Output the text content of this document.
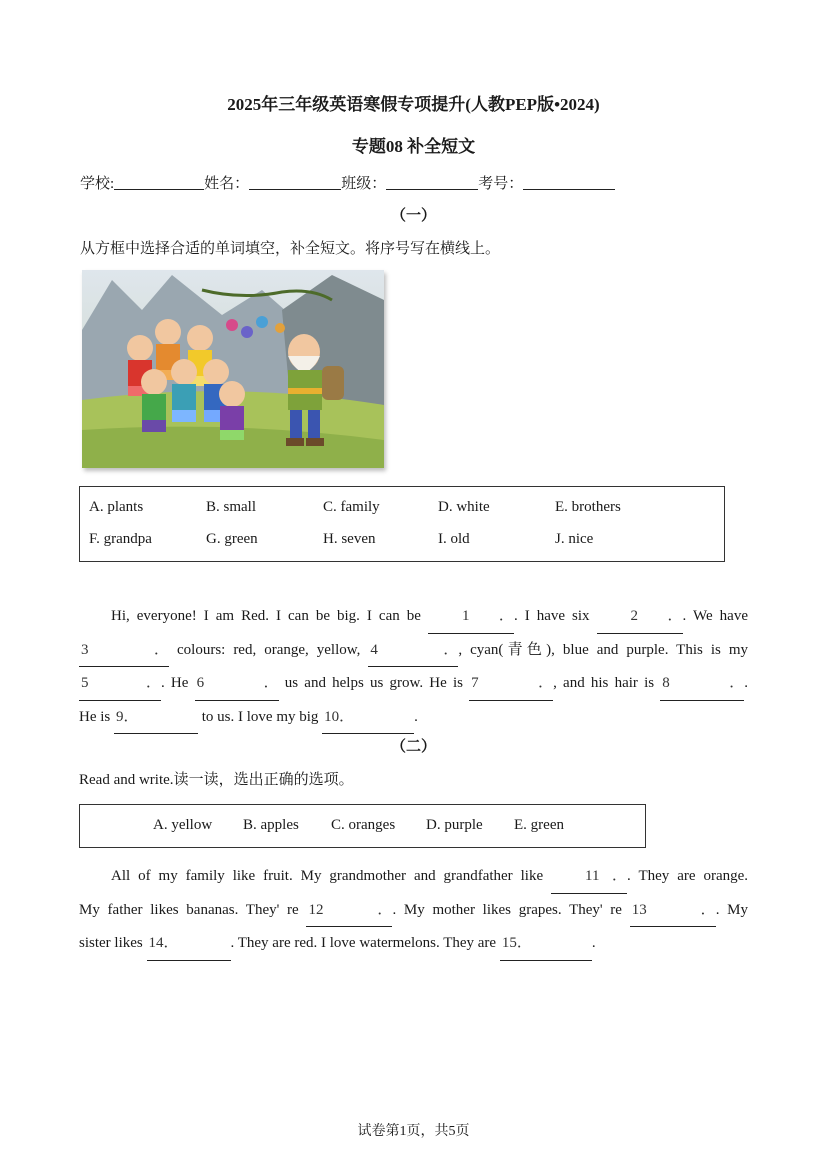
2025年三年级英语寒假专项提升(人教PEP版•2024)
专题08 补全短文
学校:	姓名：	班级：	考号：
（一）
从方框中选择合适的单词填空，补全短文。将序号写在横线上。
A. plants	B. small	C. family	D. white	E. brothers
F. grandpa	G. green	H. seven	I. old	J. nice

Hi, everyone! I am Red. I can be big. I can be 1．. I have six 2．. We have

3． colours: red, orange, yellow, 4．, cyan(青色), blue and purple. This is my

5．. He 6． us and helps us grow. He is 7．, and his hair is 8．.

He is 9．	to us. I love my big 10．	.

（二）
Read and write.读一读，选出正确的选项。
A. yellow B. apples C. oranges D. purple E. green

All of my family like fruit. My grandmother and grandfather like 11．. They are orange.

My father likes bananas. They' re 12．. My mother likes grapes. They' re 13．. My

sister likes 14．	. They are red. I love watermelons. They are 15．	.

试卷第1页，共5页
